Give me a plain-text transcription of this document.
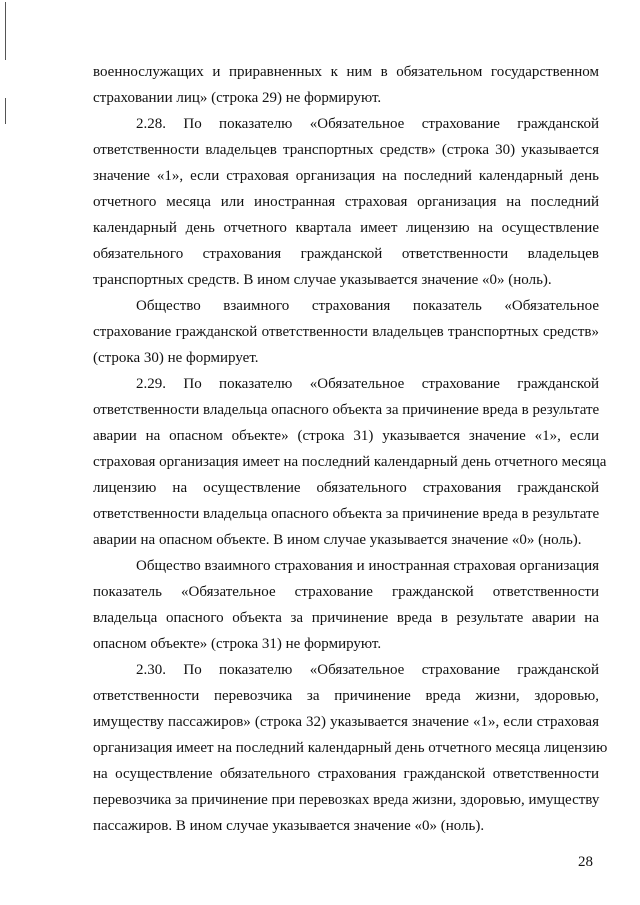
военнослужащих и приравненных к ним в обязательном государственном
страховании лиц» (строка 29) не формируют.
2.28. По показателю «Обязательное страхование гражданской
ответственности владельцев транспортных средств» (строка 30) указывается
значение «1», если страховая организация на последний календарный день
отчетного месяца или иностранная страховая организация на последний
календарный день отчетного квартала имеет лицензию на осуществление
обязательного страхования гражданской ответственности владельцев
транспортных средств. В ином случае указывается значение «0» (ноль).
Общество взаимного страхования показатель «Обязательное
страхование гражданской ответственности владельцев транспортных средств»
(строка 30) не формирует.
2.29. По показателю «Обязательное страхование гражданской
ответственности владельца опасного объекта за причинение вреда в результате
аварии на опасном объекте» (строка 31) указывается значение «1», если
страховая организация имеет на последний календарный день отчетного месяца
лицензию на осуществление обязательного страхования гражданской
ответственности владельца опасного объекта за причинение вреда в результате
аварии на опасном объекте. В ином случае указывается значение «0» (ноль).
Общество взаимного страхования и иностранная страховая организация
показатель «Обязательное страхование гражданской ответственности
владельца опасного объекта за причинение вреда в результате аварии на
опасном объекте» (строка 31) не формируют.
2.30. По показателю «Обязательное страхование гражданской
ответственности перевозчика за причинение вреда жизни, здоровью,
имуществу пассажиров» (строка 32) указывается значение «1», если страховая
организация имеет на последний календарный день отчетного месяца лицензию
на осуществление обязательного страхования гражданской ответственности
перевозчика за причинение при перевозках вреда жизни, здоровью, имуществу
пассажиров. В ином случае указывается значение «0» (ноль).
28
